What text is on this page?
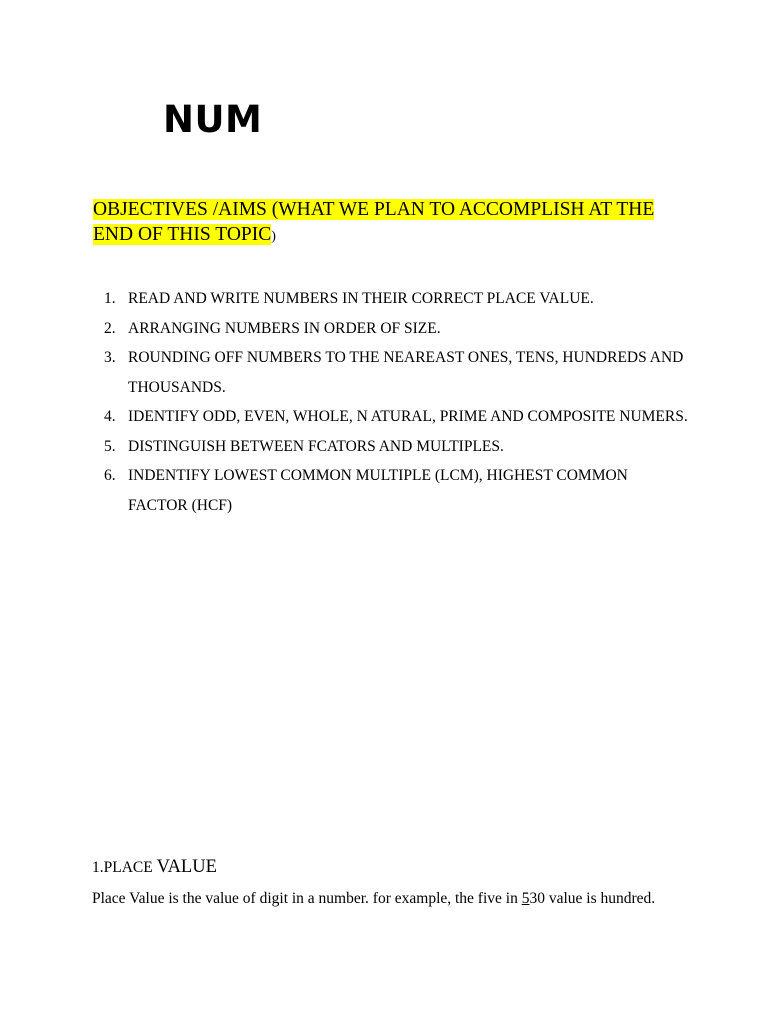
NUM

OBJECTIVES /AIMS (WHAT WE PLAN TO ACCOMPLISH AT THE END OF THIS TOPIC)

1. READ AND WRITE NUMBERS IN THEIR CORRECT PLACE VALUE.
2. ARRANGING NUMBERS IN ORDER OF SIZE.
3. ROUNDING OFF NUMBERS TO THE NEAREAST ONES, TENS, HUNDREDS AND THOUSANDS.
4. IDENTIFY ODD, EVEN, WHOLE, N ATURAL, PRIME AND COMPOSITE NUMERS.
5. DISTINGUISH BETWEEN FCATORS AND MULTIPLES.
6. INDENTIFY LOWEST COMMON MULTIPLE (LCM), HIGHEST COMMON FACTOR (HCF)
1.PLACE VALUE

Place Value is the value of digit in a number. for example, the five in 530 value is hundred.
